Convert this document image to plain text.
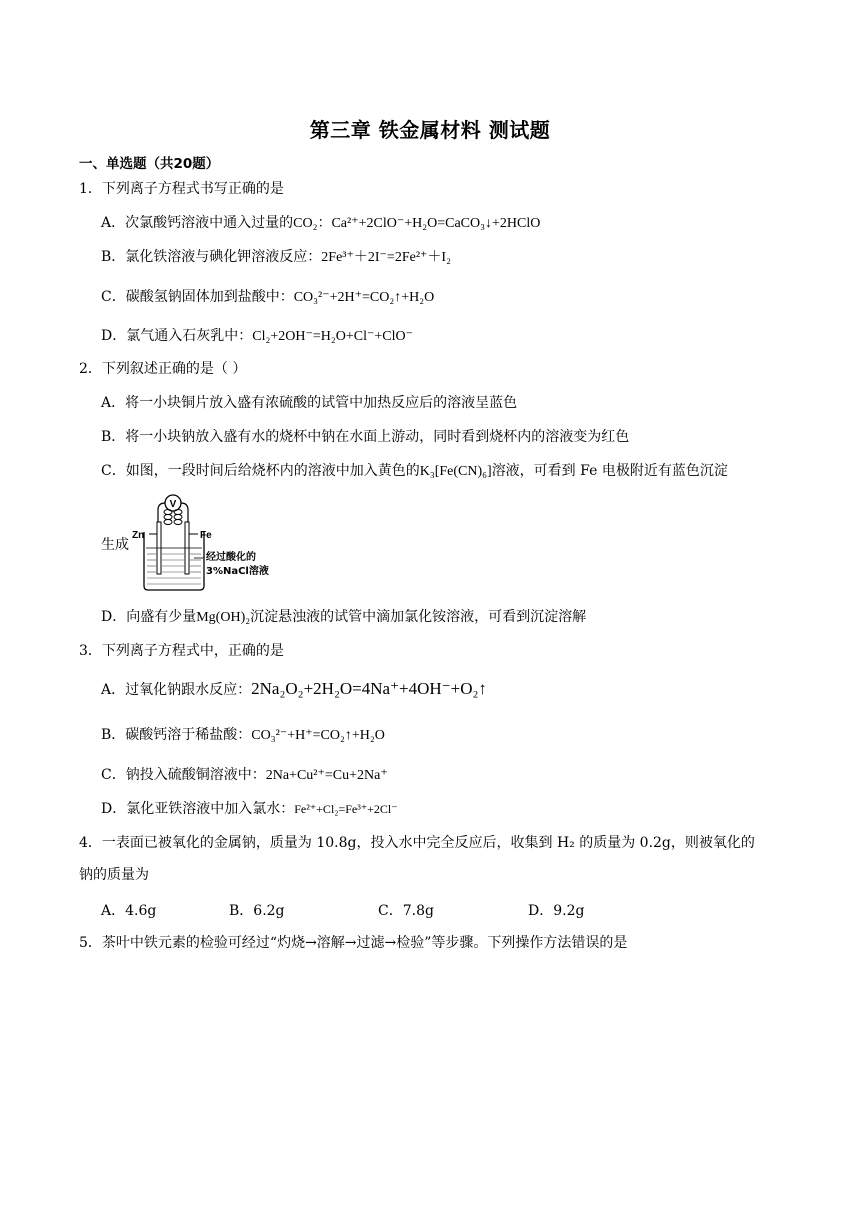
第三章 铁金属材料 测试题
一、单选题（共20题）
1．下列离子方程式书写正确的是
A．次氯酸钙溶液中通入过量的CO₂：Ca²⁺+2ClO⁻+H₂O=CaCO₃↓+2HClO
B．氯化铁溶液与碘化钾溶液反应：2Fe³⁺＋2I⁻=2Fe²⁺＋I₂
C．碳酸氢钠固体加到盐酸中：CO₃²⁻+2H⁺=CO₂↑+H₂O
D．氯气通入石灰乳中：Cl₂+2OH⁻=H₂O+Cl⁻+ClO⁻
2．下列叙述正确的是（ ）
A．将一小块铜片放入盛有浓硫酸的试管中加热反应后的溶液呈蓝色
B．将一小块钠放入盛有水的烧杯中钠在水面上游动，同时看到烧杯内的溶液变为红色
C．如图，一段时间后给烧杯内的溶液中加入黄色的K₃[Fe(CN)₆]溶液，可看到 Fe 电极附近有蓝色沉淀
生成
V
Zn	Fe
经过酸化的
3%NaCl溶液
D．向盛有少量Mg(OH)₂沉淀悬浊液的试管中滴加氯化铵溶液，可看到沉淀溶解
3．下列离子方程式中，正确的是
A．过氧化钠跟水反应：2Na₂O₂+2H₂O=4Na⁺+4OH⁻+O₂↑
B．碳酸钙溶于稀盐酸：CO₃²⁻+H⁺=CO₂↑+H₂O
C．钠投入硫酸铜溶液中：2Na+Cu²⁺=Cu+2Na⁺
D．氯化亚铁溶液中加入氯水：Fe²⁺+Cl₂=Fe³⁺+2Cl⁻
4．一表面已被氧化的金属钠，质量为 10.8g，投入水中完全反应后，收集到 H₂ 的质量为 0.2g，则被氧化的
钠的质量为
A．4.6g	B．6.2g	C．7.8g	D．9.2g
5．茶叶中铁元素的检验可经过“灼烧→溶解→过滤→检验”等步骤。下列操作方法错误的是
